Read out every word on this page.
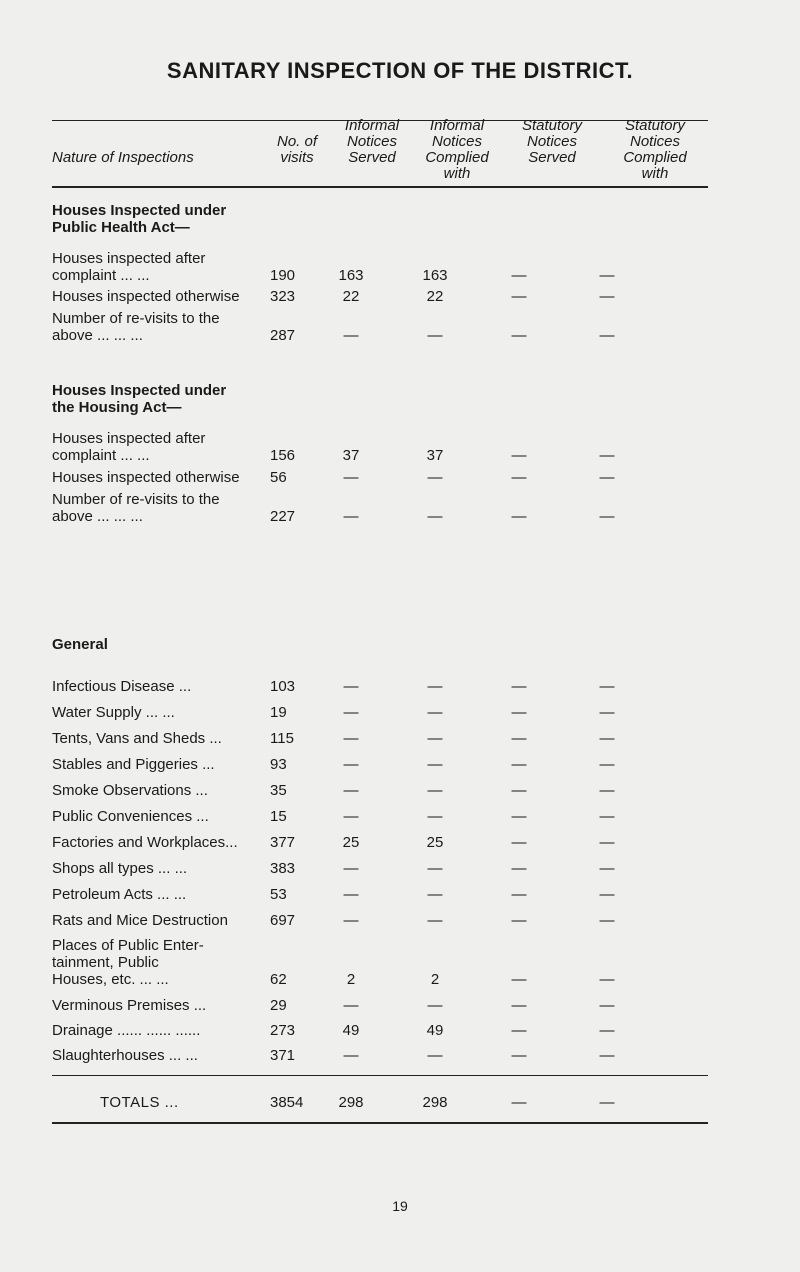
SANITARY INSPECTION OF THE DISTRICT.
Nature of Inspections
No. of
visits
Informal
Notices
Served
Informal
Notices
Complied
with
Statutory
Notices
Served
Statutory
Notices
Complied
with
Houses Inspected under
Public Health Act—
Houses inspected after
complaint ... ...	190	163	163	—	—
Houses inspected otherwise	323	22	22	—	—
Number of re-visits to the
above ... ... ...	287	—	—	—	—
Houses Inspected under
the Housing Act—
Houses inspected after
complaint ... ...	156	37	37	—	—
Houses inspected otherwise	56	—	—	—	—
Number of re-visits to the
above ... ... ...	227	—	—	—	—
General
Infectious Disease ...	103	—	—	—	—
Water Supply ... ...	19	—	—	—	—
Tents, Vans and Sheds ...	115	—	—	—	—
Stables and Piggeries ...	93	—	—	—	—
Smoke Observations ...	35	—	—	—	—
Public Conveniences ...	15	—	—	—	—
Factories and Workplaces...	377	25	25	—	—
Shops all types ... ...	383	—	—	—	—
Petroleum Acts ... ...	53	—	—	—	—
Rats and Mice Destruction	697	—	—	—	—
Places of Public Enter-
tainment, Public
Houses, etc. ... ...	62	2	2	—	—
Verminous Premises ...	29	—	—	—	—
Drainage ...... ...... ......	273	49	49	—	—
Slaughterhouses ... ...	371	—	—	—	—
TOTALS ...	3854	298	298	—	—
19
